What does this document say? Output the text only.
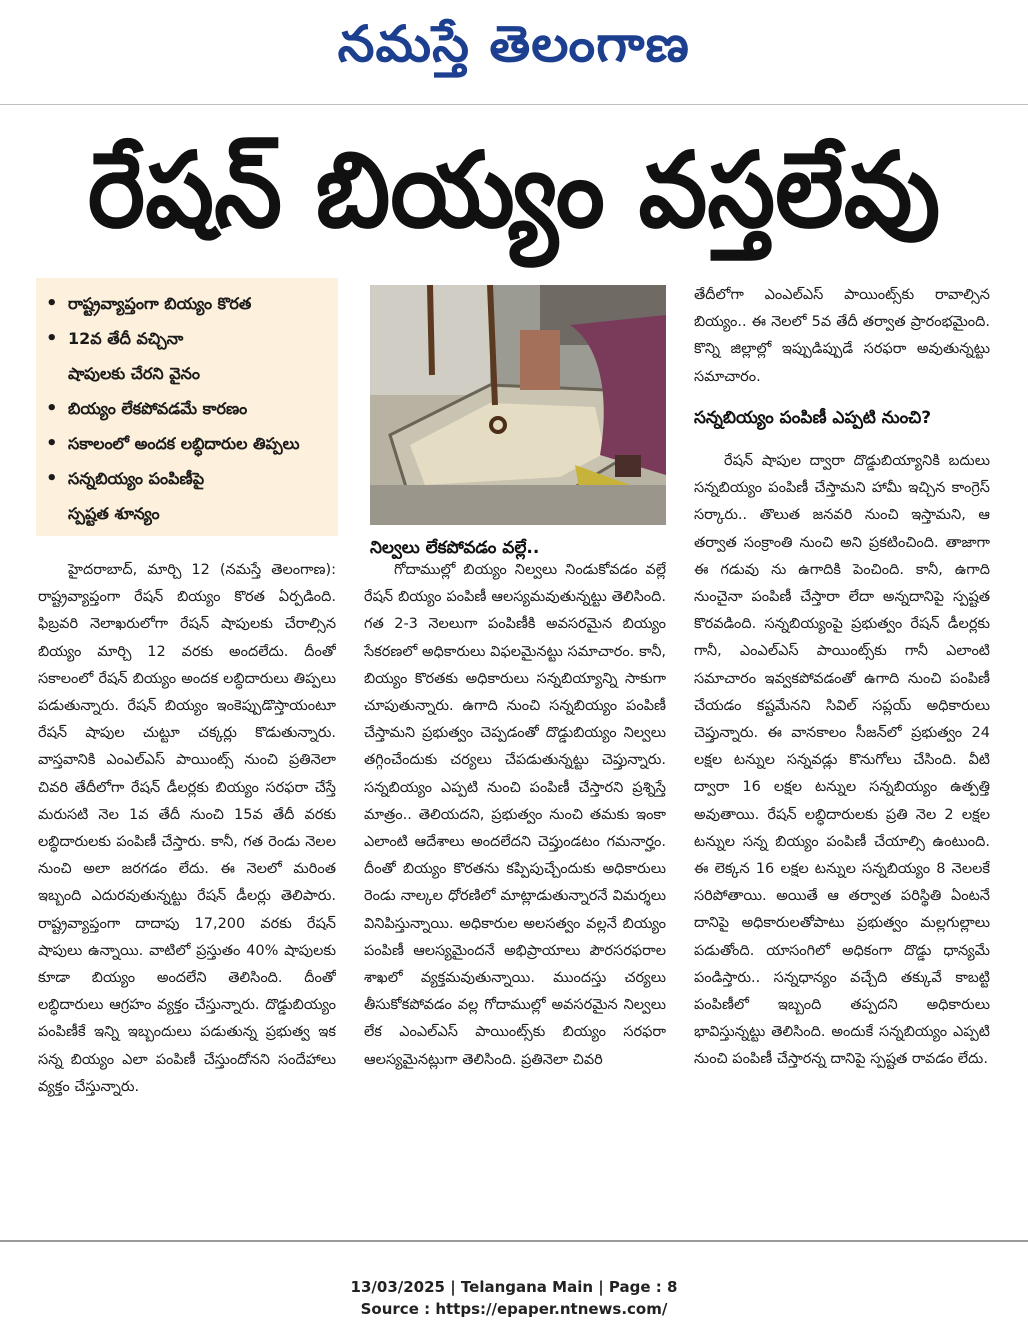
నమస్తే తెలంగాణ
రేషన్ బియ్యం వస్తలేవు
• రాష్ట్రవ్యాప్తంగా బియ్యం కొరత
• 12వ తేదీ వచ్చినా
షాపులకు చేరని వైనం
• బియ్యం లేకపోవడమే కారణం
• సకాలంలో అందక లబ్ధిదారుల తిప్పలు
• సన్నబియ్యం పంపిణీపై
స్పష్టత శూన్యం
నిల్వలు లేకపోవడం వల్లే..

హైదరాబాద్, మార్చి 12 (నమస్తే తెలంగాణ): రాష్ట్రవ్యాప్తంగా రేషన్ బియ్యం కొరత ఏర్పడింది. ఫిబ్రవరి నెలాఖరులోగా రేషన్ షాపులకు చేరాల్సిన బియ్యం మార్చి 12 వరకు అందలేదు. దీంతో సకాలంలో రేషన్ బియ్యం అందక లబ్ధిదారులు తిప్పలు పడుతున్నారు. రేషన్ బియ్యం ఇంకెప్పుడొస్తాయంటూ రేషన్ షాపుల చుట్టూ చక్కర్లు కొడుతున్నారు. వాస్తవానికి ఎంఎల్‌ఎస్ పాయింట్స్ నుంచి ప్రతినెలా చివరి తేదీలోగా రేషన్ డీలర్లకు బియ్యం సరఫరా చేస్తే మరుసటి నెల 1వ తేదీ నుంచి 15వ తేదీ వరకు లబ్ధిదారులకు పంపిణీ చేస్తారు. కానీ, గత రెండు నెలల నుంచి అలా జరగడం లేదు. ఈ నెలలో మరింత ఇబ్బంది ఎదురవుతున్నట్టు రేషన్ డీలర్లు తెలిపారు. రాష్ట్రవ్యాప్తంగా దాదాపు 17,200 వరకు రేషన్ షాపులు ఉన్నాయి. వాటిలో ప్రస్తుతం 40% షాపులకు కూడా బియ్యం అందలేని తెలిసింది. దీంతో లబ్ధిదారులు ఆగ్రహం వ్యక్తం చేస్తున్నారు. దొడ్డుబియ్యం పంపిణీకే ఇన్ని ఇబ్బందులు పడుతున్న ప్రభుత్వ ఇక సన్న బియ్యం ఎలా పంపిణీ చేస్తుందోనని సందేహాలు వ్యక్తం చేస్తున్నారు.

గోదాముల్లో బియ్యం నిల్వలు నిండుకోవడం వల్లే రేషన్ బియ్యం పంపిణీ ఆలస్యమవుతున్నట్టు తెలిసింది. గత 2-3 నెలలుగా పంపిణీకి అవసరమైన బియ్యం సేకరణలో అధికారులు విఫలమైనట్టు సమాచారం. కానీ, బియ్యం కొరతకు అధికారులు సన్నబియ్యాన్ని సాకుగా చూపుతున్నారు. ఉగాది నుంచి సన్నబియ్యం పంపిణీ చేస్తామని ప్రభుత్వం చెప్పడంతో దొడ్డుబియ్యం నిల్వలు తగ్గించేందుకు చర్యలు చేపడుతున్నట్టు చెప్తున్నారు. సన్నబియ్యం ఎప్పటి నుంచి పంపిణీ చేస్తారని ప్రశ్నిస్తే మాత్రం.. తెలియదని, ప్రభుత్వం నుంచి తమకు ఇంకా ఎలాంటి ఆదేశాలు అందలేదని చెప్తుండటం గమనార్హం. దీంతో బియ్యం కొరతను కప్పిపుచ్చేందుకు అధికారులు రెండు నాల్కల ధోరణిలో మాట్లాడుతున్నారనే విమర్శలు వినిపిస్తున్నాయి. అధికారుల అలసత్వం వల్లనే బియ్యం పంపిణీ ఆలస్యమైందనే అభిప్రాయాలు పౌరసరఫరాల శాఖలో వ్యక్తమవుతున్నాయి. ముందస్తు చర్యలు తీసుకోకపోవడం వల్ల గోదాముల్లో అవసరమైన నిల్వలు లేక ఎంఎల్‌ఎస్ పాయింట్స్‌కు బియ్యం సరఫరా ఆలస్యమైనట్లుగా తెలిసింది. ప్రతినెలా చివరి

తేదీలోగా ఎంఎల్‌ఎస్ పాయింట్స్‌కు రావాల్సిన బియ్యం.. ఈ నెలలో 5వ తేదీ తర్వాత ప్రారంభమైంది. కొన్ని జిల్లాల్లో ఇప్పుడిప్పుడే సరఫరా అవుతున్నట్టు సమాచారం.

సన్నబియ్యం పంపిణీ ఎప్పటి నుంచి?

రేషన్ షాపుల ద్వారా దొడ్డుబియ్యానికి బదులు సన్నబియ్యం పంపిణీ చేస్తామని హామీ ఇచ్చిన కాంగ్రెస్ సర్కారు.. తొలుత జనవరి నుంచి ఇస్తామని, ఆ తర్వాత సంక్రాంతి నుంచి అని ప్రకటించింది. తాజాగా ఈ గడువు ను ఉగాదికి పెంచింది. కానీ, ఉగాది నుంచైనా పంపిణీ చేస్తారా లేదా అన్నదానిపై స్పష్టత కొరవడింది. సన్నబియ్యంపై ప్రభుత్వం రేషన్ డీలర్లకు గానీ, ఎంఎల్‌ఎస్ పాయింట్స్‌కు గానీ ఎలాంటి సమాచారం ఇవ్వకపోవడంతో ఉగాది నుంచి పంపిణీ చేయడం కష్టమేనని సివిల్ సప్లయ్ అధికారులు చెప్తున్నారు. ఈ వానకాలం సీజన్‌లో ప్రభుత్వం 24 లక్షల టన్నుల సన్నవడ్లు కొనుగోలు చేసింది. వీటి ద్వారా 16 లక్షల టన్నుల సన్నబియ్యం ఉత్పత్తి అవుతాయి. రేషన్ లబ్ధిదారులకు ప్రతి నెల 2 లక్షల టన్నుల సన్న బియ్యం పంపిణీ చేయాల్సి ఉంటుంది. ఈ లెక్కన 16 లక్షల టన్నుల సన్నబియ్యం 8 నెలలకే సరిపోతాయి. అయితే ఆ తర్వాత పరిస్థితి ఏంటనే దానిపై అధికారులతోపాటు ప్రభుత్వం మల్లగుల్లాలు పడుతోంది. యాసంగిలో అధికంగా దొడ్డు ధాన్యమే పండిస్తారు.. సన్నధాన్యం వచ్చేది తక్కువే కాబట్టి పంపిణీలో ఇబ్బంది తప్పదని అధికారులు భావిస్తున్నట్టు తెలిసింది. అందుకే సన్నబియ్యం ఎప్పటి నుంచి పంపిణీ చేస్తారన్న దానిపై స్పష్టత రావడం లేదు.

13/03/2025 | Telangana Main | Page : 8
Source : https://epaper.ntnews.com/
